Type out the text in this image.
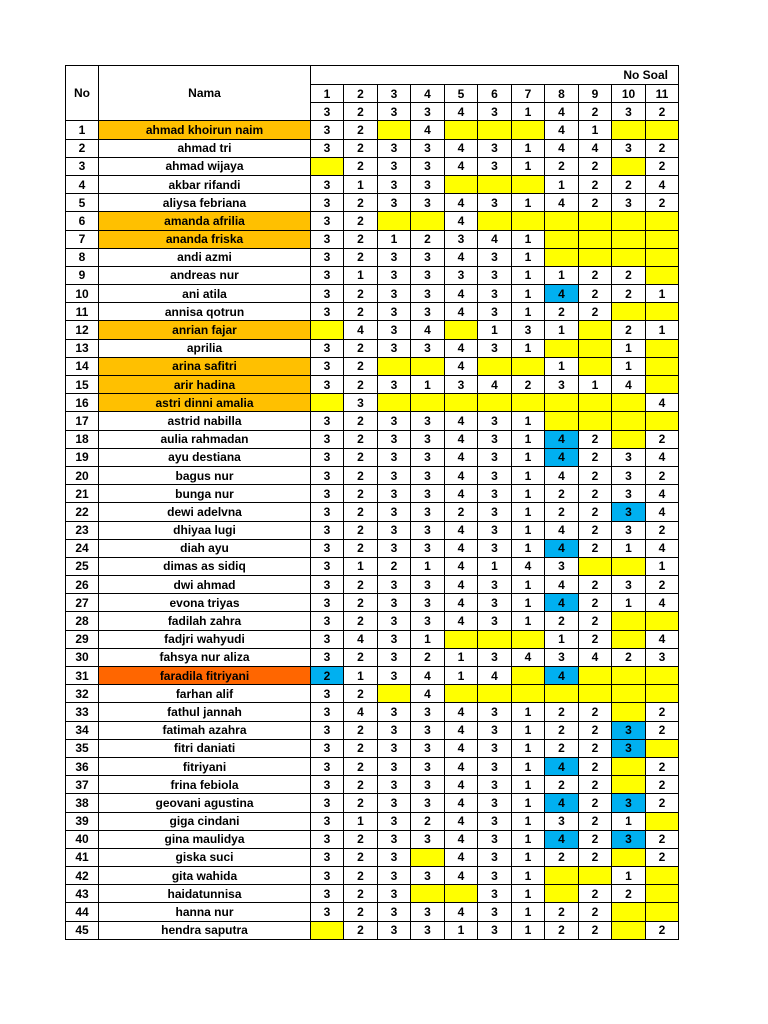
No	Nama	No Soal										
		1	2	3	4	5	6	7	8	9	10	11
		3	2	3	3	4	3	1	4	2	3	2
1	ahmad khoirun naim	3	2		4				4	1		
2	ahmad tri	3	2	3	3	4	3	1	4	4	3	2
3	ahmad wijaya		2	3	3	4	3	1	2	2		2
4	akbar rifandi	3	1	3	3				1	2	2	4
5	aliysa febriana	3	2	3	3	4	3	1	4	2	3	2
6	amanda afrilia	3	2			4						
7	ananda friska	3	2	1	2	3	4	1				
8	andi azmi	3	2	3	3	4	3	1				
9	andreas nur	3	1	3	3	3	3	1	1	2	2	
10	ani atila	3	2	3	3	4	3	1	4	2	2	1
11	annisa qotrun	3	2	3	3	4	3	1	2	2		
12	anrian fajar		4	3	4		1	3	1		2	1
13	aprilia	3	2	3	3	4	3	1			1	
14	arina safitri	3	2			4			1		1	
15	arir hadina	3	2	3	1	3	4	2	3	1	4	
16	astri dinni amalia		3									4
17	astrid nabilla	3	2	3	3	4	3	1				
18	aulia rahmadan	3	2	3	3	4	3	1	4	2		2
19	ayu destiana	3	2	3	3	4	3	1	4	2	3	4
20	bagus nur	3	2	3	3	4	3	1	4	2	3	2
21	bunga nur	3	2	3	3	4	3	1	2	2	3	4
22	dewi adelvna	3	2	3	3	2	3	1	2	2	3	4
23	dhiyaa lugi	3	2	3	3	4	3	1	4	2	3	2
24	diah ayu	3	2	3	3	4	3	1	4	2	1	4
25	dimas as sidiq	3	1	2	1	4	1	4	3			1
26	dwi ahmad	3	2	3	3	4	3	1	4	2	3	2
27	evona triyas	3	2	3	3	4	3	1	4	2	1	4
28	fadilah zahra	3	2	3	3	4	3	1	2	2		
29	fadjri wahyudi	3	4	3	1				1	2		4
30	fahsya nur aliza	3	2	3	2	1	3	4	3	4	2	3
31	faradila fitriyani	2	1	3	4	1	4		4			
32	farhan alif	3	2		4							
33	fathul jannah	3	4	3	3	4	3	1	2	2		2
34	fatimah azahra	3	2	3	3	4	3	1	2	2	3	2
35	fitri daniati	3	2	3	3	4	3	1	2	2	3	
36	fitriyani	3	2	3	3	4	3	1	4	2		2
37	frina febiola	3	2	3	3	4	3	1	2	2		2
38	geovani agustina	3	2	3	3	4	3	1	4	2	3	2
39	giga cindani	3	1	3	2	4	3	1	3	2	1	
40	gina maulidya	3	2	3	3	4	3	1	4	2	3	2
41	giska suci	3	2	3		4	3	1	2	2		2
42	gita wahida	3	2	3	3	4	3	1			1	
43	haidatunnisa	3	2	3			3	1		2	2	
44	hanna nur	3	2	3	3	4	3	1	2	2		
45	hendra saputra		2	3	3	1	3	1	2	2		2
